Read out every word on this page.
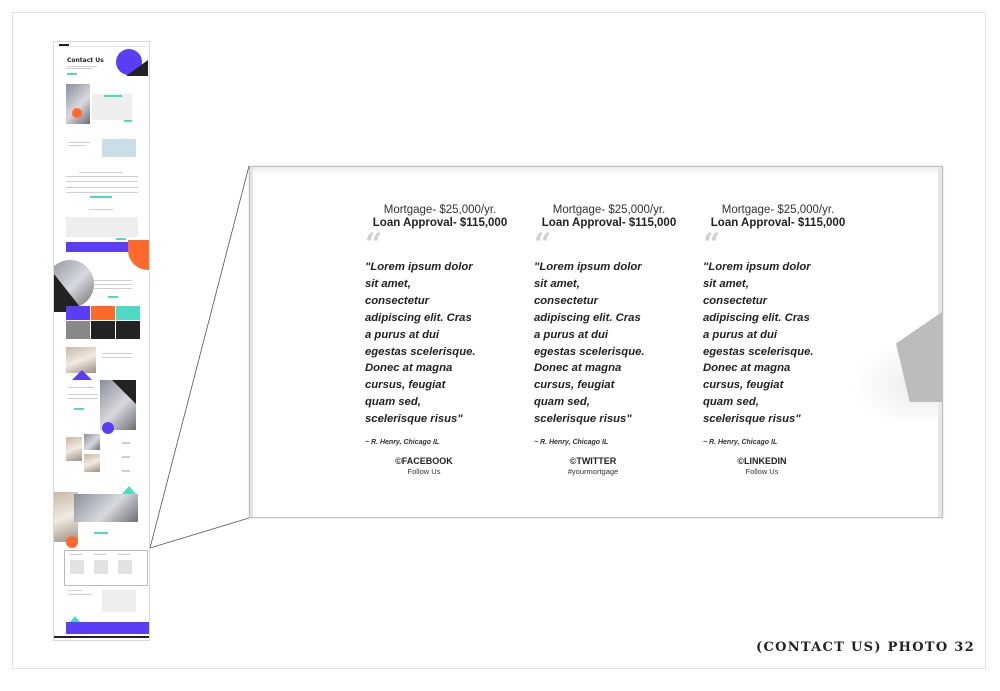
Contact Us
Mortgage- $25,000/yr.
Loan Approval- $115,000
“
"Lorem ipsum dolor sit amet, consectetur adipiscing elit. Cras a purus at dui egestas scelerisque. Donec at magna cursus, feugiat quam sed, scelerisque risus"
~ R. Henry, Chicago IL
©FACEBOOK
Follow Us
Mortgage- $25,000/yr.
Loan Approval- $115,000
“
"Lorem ipsum dolor sit amet, consectetur adipiscing elit. Cras a purus at dui egestas scelerisque. Donec at magna cursus, feugiat quam sed, scelerisque risus"
~ R. Henry, Chicago IL
©TWITTER
#yourmortgage
Mortgage- $25,000/yr.
Loan Approval- $115,000
“
"Lorem ipsum dolor sit amet, consectetur adipiscing elit. Cras a purus at dui egestas scelerisque. Donec at magna cursus, feugiat quam sed, scelerisque risus"
~ R. Henry, Chicago IL
©LINKEDIN
Follow Us
(CONTACT US) PHOTO 32
